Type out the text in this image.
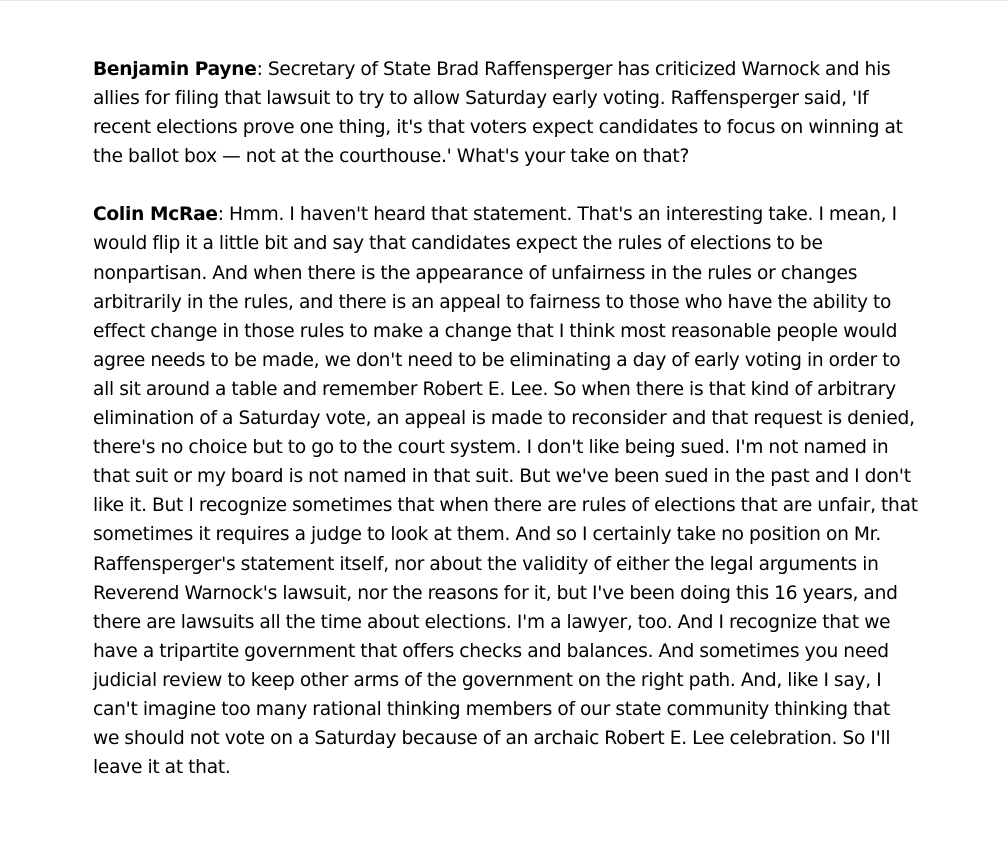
Benjamin Payne: Secretary of State Brad Raffensperger has criticized Warnock and his allies for filing that lawsuit to try to allow Saturday early voting. Raffensperger said, 'If recent elections prove one thing, it's that voters expect candidates to focus on winning at the ballot box — not at the courthouse.' What's your take on that?

Colin McRae: Hmm. I haven't heard that statement. That's an interesting take. I mean, I would flip it a little bit and say that candidates expect the rules of elections to be nonpartisan. And when there is the appearance of unfairness in the rules or changes arbitrarily in the rules, and there is an appeal to fairness to those who have the ability to effect change in those rules to make a change that I think most reasonable people would agree needs to be made, we don't need to be eliminating a day of early voting in order to all sit around a table and remember Robert E. Lee. So when there is that kind of arbitrary elimination of a Saturday vote, an appeal is made to reconsider and that request is denied, there's no choice but to go to the court system. I don't like being sued. I'm not named in that suit or my board is not named in that suit. But we've been sued in the past and I don't like it. But I recognize sometimes that when there are rules of elections that are unfair, that sometimes it requires a judge to look at them. And so I certainly take no position on Mr. Raffensperger's statement itself, nor about the validity of either the legal arguments in Reverend Warnock's lawsuit, nor the reasons for it, but I've been doing this 16 years, and there are lawsuits all the time about elections. I'm a lawyer, too. And I recognize that we have a tripartite government that offers checks and balances. And sometimes you need judicial review to keep other arms of the government on the right path. And, like I say, I can't imagine too many rational thinking members of our state community thinking that we should not vote on a Saturday because of an archaic Robert E. Lee celebration. So I'll leave it at that.
